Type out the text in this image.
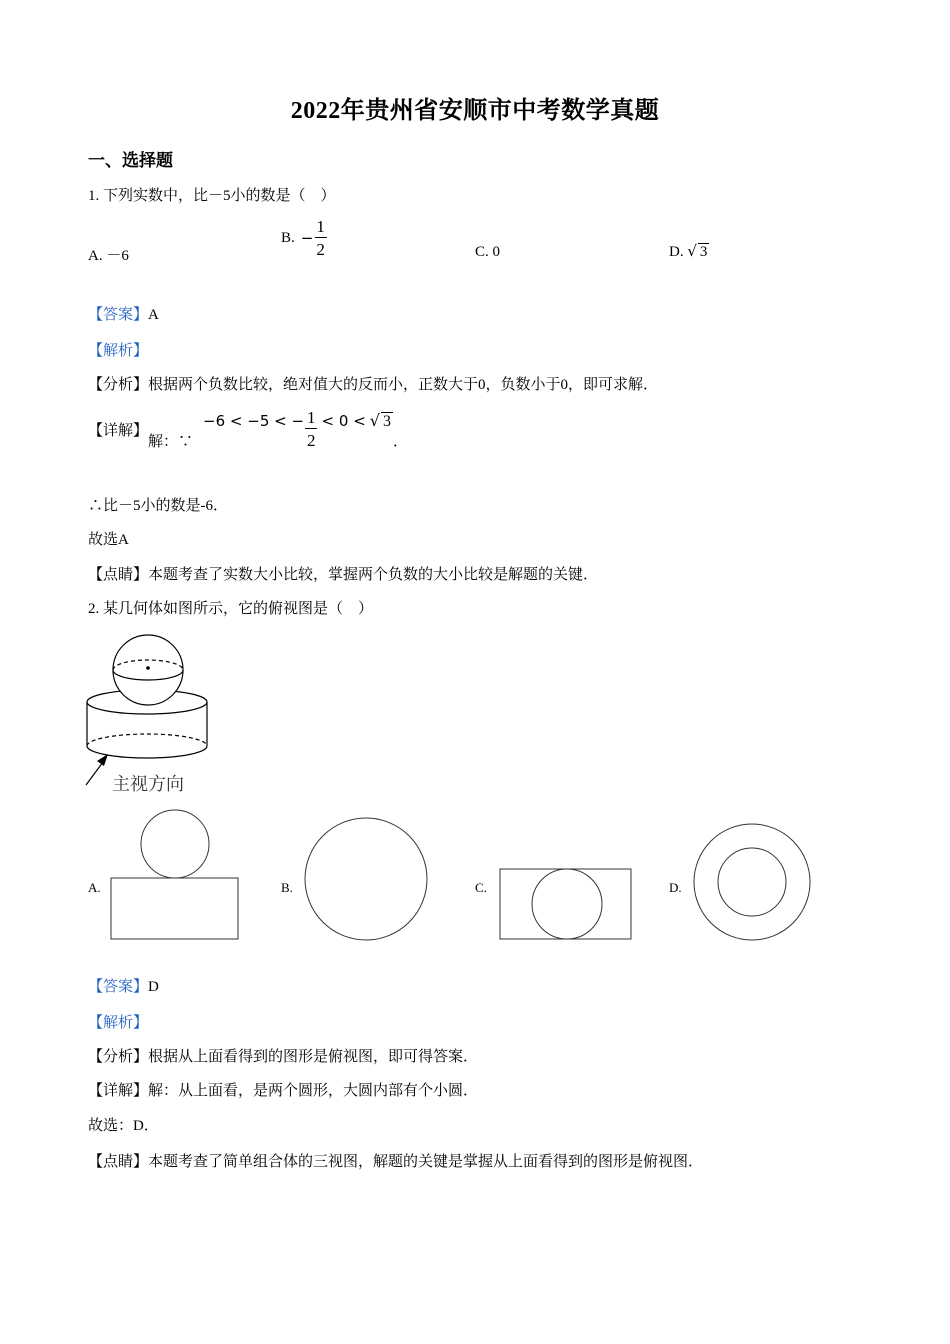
2022年贵州省安顺市中考数学真题
一、选择题
1. 下列实数中，比－5小的数是（　）
A. －6
B. − $\frac{1}{2}$	C. 0	D. √ 3
【答案】A
【解析】
【分析】根据两个负数比较，绝对值大的反而小，正数大于0，负数小于0，即可求解．
【详解】
解：∵
−6 < −5 < − $\frac{1}{2} < 0$ < √ 3
．
∴比－5小的数是-6．
故选A
【点睛】本题考查了实数大小比较，掌握两个负数的大小比较是解题的关键．
2. 某几何体如图所示，它的俯视图是（　）
主视方向
A.	B.	C.	D.
【答案】D
【解析】
【分析】根据从上面看得到的图形是俯视图，即可得答案．
【详解】解：从上面看，是两个圆形，大圆内部有个小圆．
故选：D．
【点睛】本题考查了简单组合体的三视图，解题的关键是掌握从上面看得到的图形是俯视图．
